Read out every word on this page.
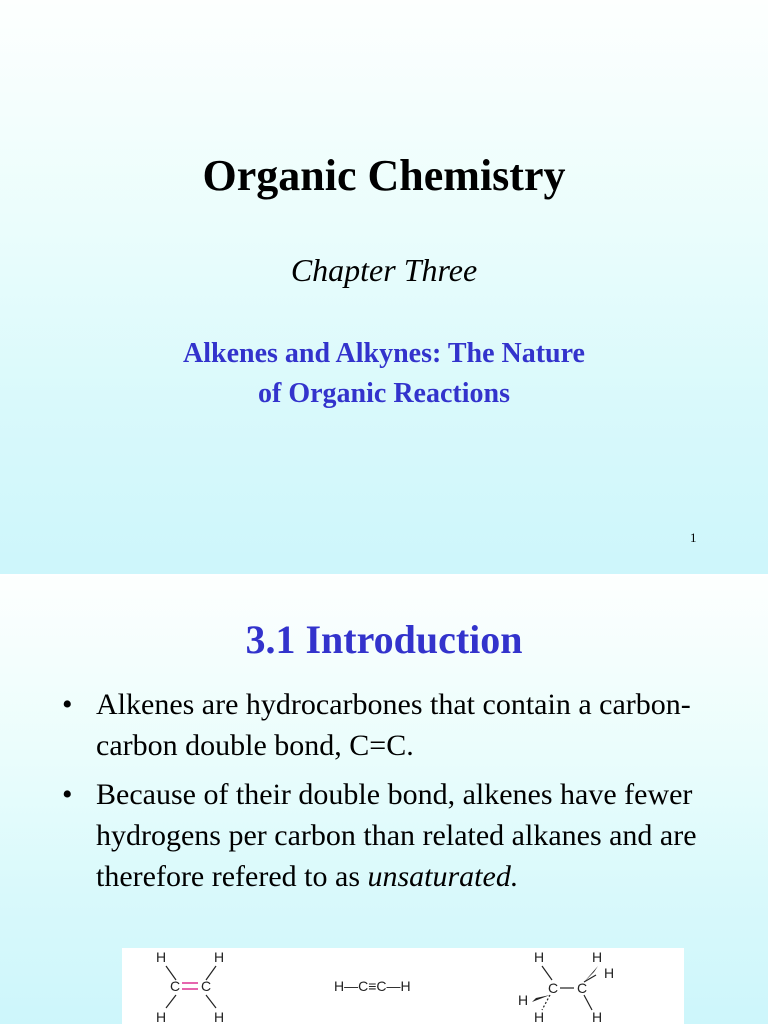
Organic Chemistry
Chapter Three
Alkenes and Alkynes: The Nature
of Organic Reactions
1
3.1 Introduction
• Alkenes are hydrocarbones that contain a carbon-carbon double bond, C=C.
• Because of their double bond, alkenes have fewer hydrogens per carbon than related alkanes and are therefore refered to as unsaturated.
H	H
C C
H	H
H—C≡C—H
H	H
H
C C
H
H	H
